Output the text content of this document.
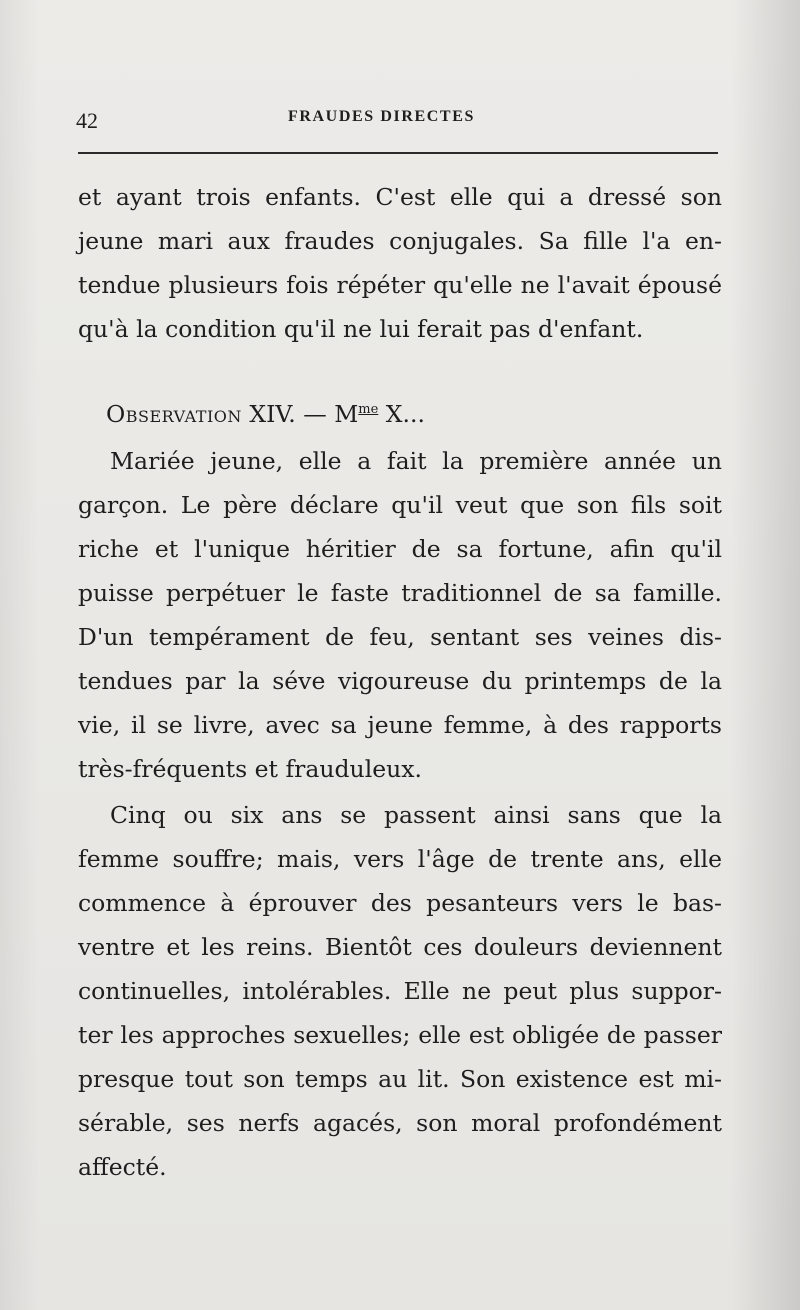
42	FRAUDES DIRECTES
et ayant trois enfants. C'est elle qui a dressé son
jeune mari aux fraudes conjugales. Sa fille l'a en-
tendue plusieurs fois répéter qu'elle ne l'avait épousé
qu'à la condition qu'il ne lui ferait pas d'enfant.
Observation XIV. — $M^{me}$ X...
Mariée jeune, elle a fait la première année un
garçon. Le père déclare qu'il veut que son fils soit
riche et l'unique héritier de sa fortune, afin qu'il
puisse perpétuer le faste traditionnel de sa famille.
D'un tempérament de feu, sentant ses veines dis-
tendues par la séve vigoureuse du printemps de la
vie, il se livre, avec sa jeune femme, à des rapports
très-fréquents et frauduleux.
Cinq ou six ans se passent ainsi sans que la
femme souffre; mais, vers l'âge de trente ans, elle
commence à éprouver des pesanteurs vers le bas-
ventre et les reins. Bientôt ces douleurs deviennent
continuelles, intolérables. Elle ne peut plus suppor-
ter les approches sexuelles; elle est obligée de passer
presque tout son temps au lit. Son existence est mi-
sérable, ses nerfs agacés, son moral profondément
affecté.
